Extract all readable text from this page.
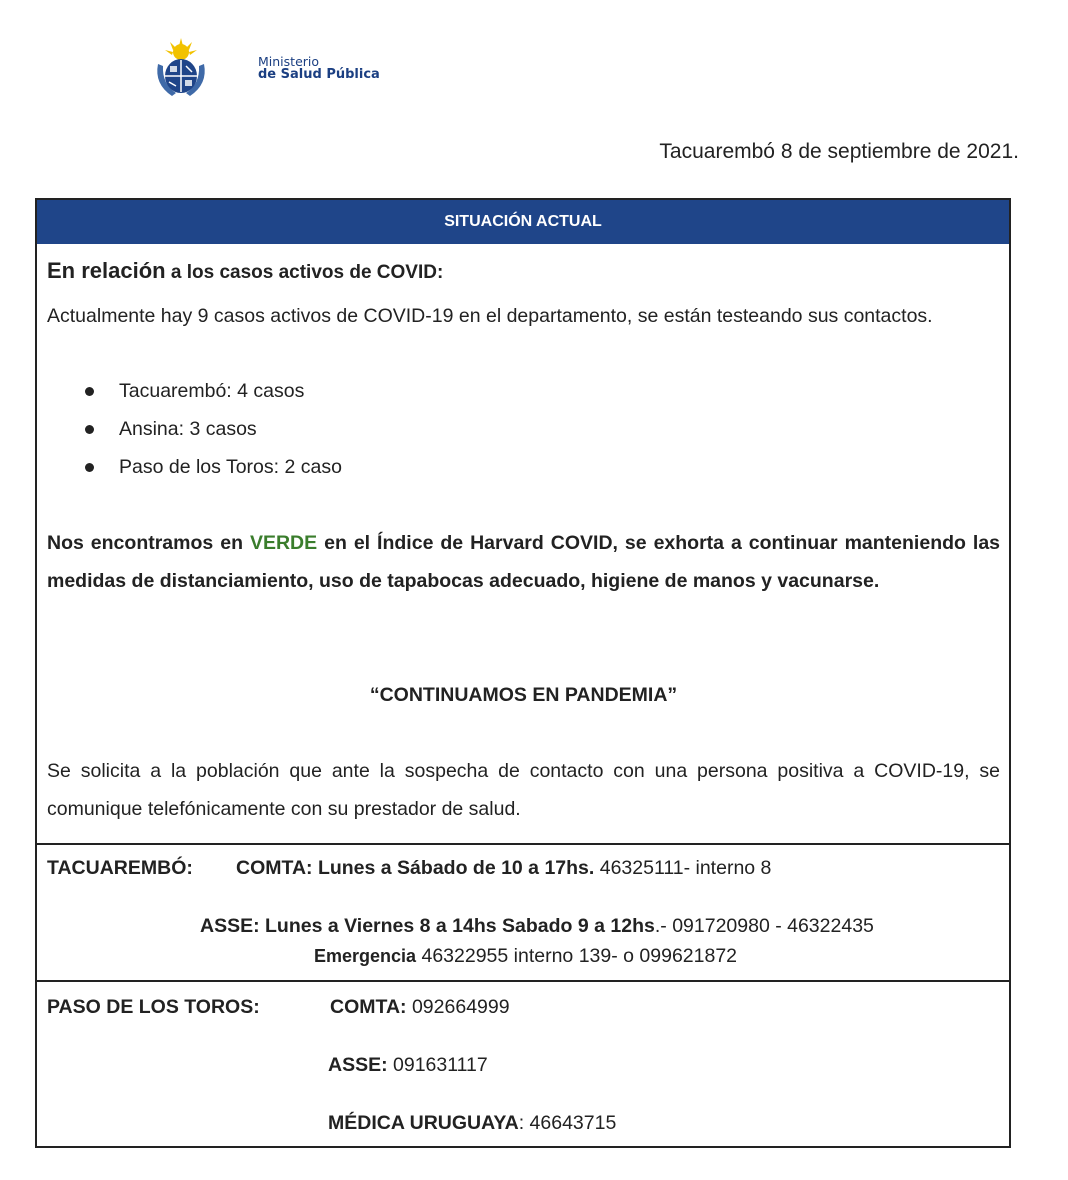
Ministerio
de Salud Pública
Tacuarembó 8 de septiembre de 2021.
SITUACIÓN ACTUAL
En relación a los casos activos de COVID:
Actualmente hay 9 casos activos de COVID-19 en el departamento, se están testeando sus contactos.
Tacuarembó: 4 casos
Ansina: 3 casos
Paso de los Toros: 2 caso
Nos encontramos en VERDE en el Índice de Harvard COVID, se exhorta a continuar manteniendo las medidas de distanciamiento, uso de tapabocas adecuado, higiene de manos y vacunarse.
“CONTINUAMOS EN PANDEMIA”
Se solicita a la población que ante la sospecha de contacto con una persona positiva a COVID-19, se comunique telefónicamente con su prestador de salud.
TACUAREMBÓ: COMTA: Lunes a Sábado de 10 a 17hs. 46325111- interno 8
ASSE: Lunes a Viernes 8 a 14hs Sabado 9 a 12hs.- 091720980 - 46322435
Emergencia 46322955 interno 139- o 099621872
PASO DE LOS TOROS:	COMTA: 092664999
ASSE: 091631117
MÉDICA URUGUAYA: 46643715
